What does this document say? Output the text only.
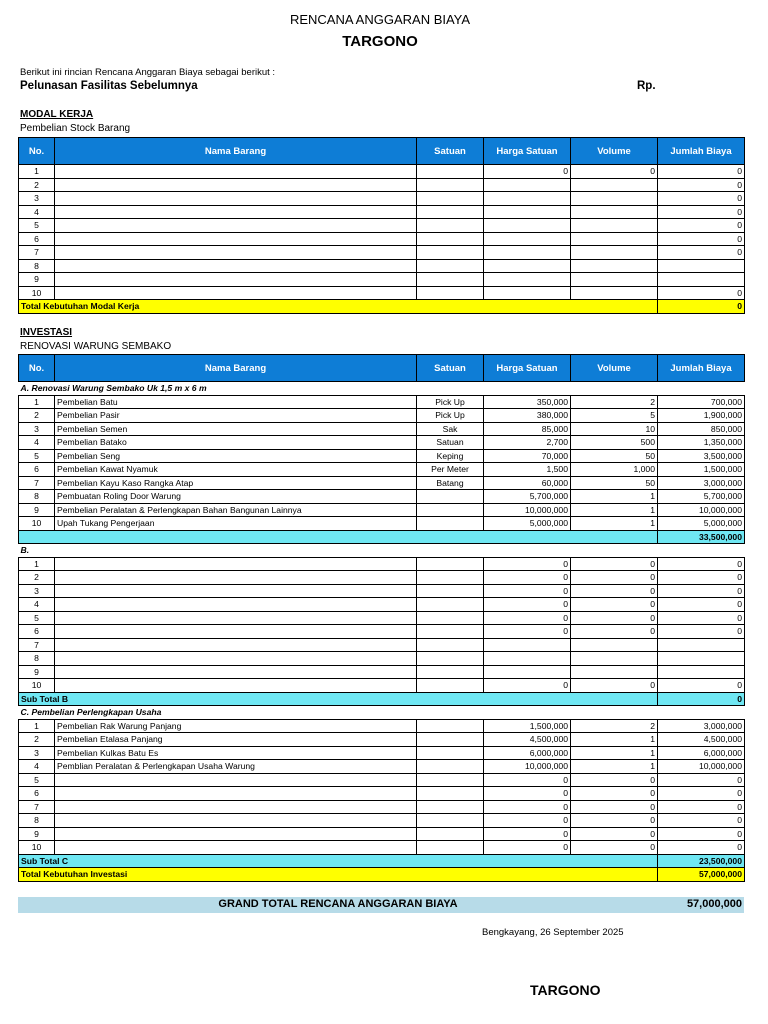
RENCANA ANGGARAN BIAYA
TARGONO
Berikut ini rincian Rencana Anggaran Biaya sebagai berikut :
Pelunasan Fasilitas Sebelumnya	Rp.
MODAL KERJA
Pembelian Stock Barang
No.	Nama Barang	Satuan	Harga Satuan	Volume	Jumlah Biaya
1			0	0	0
2					0
3					0
4					0
5					0
6					0
7					0
8					
9					
10					0
Total Kebutuhan Modal Kerja					0
INVESTASI
RENOVASI WARUNG SEMBAKO
No.	Nama Barang	Satuan	Harga Satuan	Volume	Jumlah Biaya
A. Renovasi Warung Sembako Uk 1,5 m x 6 m					
1	Pembelian Batu	Pick Up	350,000	2	700,000
2	Pembelian Pasir	Pick Up	380,000	5	1,900,000
3	Pembelian Semen	Sak	85,000	10	850,000
4	Pembelian Batako	Satuan	2,700	500	1,350,000
5	Pembelian Seng	Keping	70,000	50	3,500,000
6	Pembelian Kawat Nyamuk	Per Meter	1,500	1,000	1,500,000
7	Pembelian Kayu Kaso Rangka Atap	Batang	60,000	50	3,000,000
8	Pembuatan Roling Door Warung		5,700,000	1	5,700,000
9	Pembelian Peralatan & Perlengkapan Bahan Bangunan Lainnya		10,000,000	1	10,000,000
10	Upah Tukang Pengerjaan		5,000,000	1	5,000,000
					33,500,000
B.					
1			0	0	0
2			0	0	0
3			0	0	0
4			0	0	0
5			0	0	0
6			0	0	0
7					
8					
9					
10			0	0	0
Sub Total B					0
C. Pembelian Perlengkapan Usaha					
1	Pembelian Rak Warung Panjang		1,500,000	2	3,000,000
2	Pembelian Etalasa Panjang		4,500,000	1	4,500,000
3	Pembelian Kulkas Batu Es		6,000,000	1	6,000,000
4	Pemblian Peralatan & Perlengkapan Usaha Warung		10,000,000	1	10,000,000
5			0	0	0
6			0	0	0
7			0	0	0
8			0	0	0
9			0	0	0
10			0	0	0
Sub Total C					23,500,000
Total Kebutuhan Investasi					57,000,000
GRAND TOTAL RENCANA ANGGARAN BIAYA	57,000,000
Bengkayang, 26 September 2025
TARGONO
